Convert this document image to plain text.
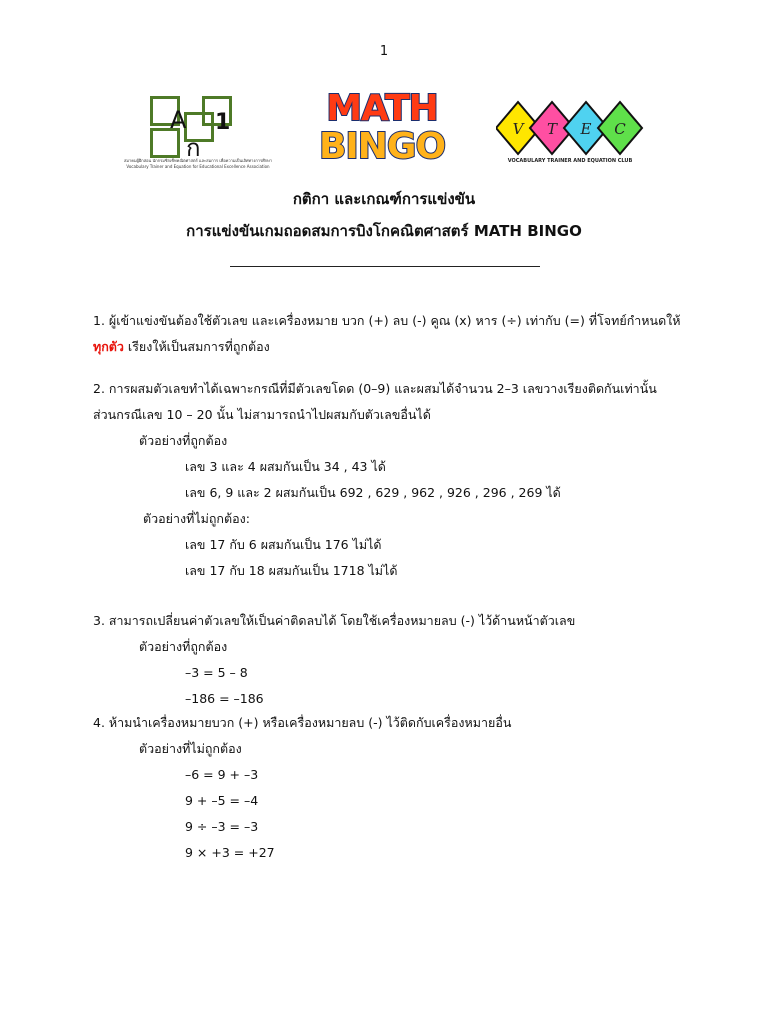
1
A
ก
1
สมาคมผู้ฝึกสอน นักกรมซิกเซ็ทคณิตศาสตร์ และสมการ เพื่อความเป็นเลิศทางการศึกษา
Vocabulary Trainer and Equation for Educational Excellence Association
MATH
BINGO	V T E C
VOCABULARY TRAINER AND EQUATION CLUB
กติกา และเกณฑ์การแข่งขัน
การแข่งขันเกมถอดสมการบิงโกคณิตศาสตร์ MATH BINGO
1. ผู้เข้าแข่งขันต้องใช้ตัวเลข และเครื่องหมาย บวก (+) ลบ (-) คูณ (x) หาร (÷) เท่ากับ (=) ที่โจทย์กำหนดให้
ทุกตัว เรียงให้เป็นสมการที่ถูกต้อง
2. การผสมตัวเลขทำได้เฉพาะกรณีที่มีตัวเลขโดด (0–9) และผสมได้จำนวน 2–3 เลขวางเรียงติดกันเท่านั้น
ส่วนกรณีเลข 10 – 20 นั้น ไม่สามารถนำไปผสมกับตัวเลขอื่นได้
ตัวอย่างที่ถูกต้อง
เลข 3 และ 4 ผสมกันเป็น 34 , 43 ได้
เลข 6, 9 และ 2 ผสมกันเป็น 692 , 629 , 962 , 926 , 296 , 269 ได้
ตัวอย่างที่ไม่ถูกต้อง:
เลข 17 กับ 6 ผสมกันเป็น 176 ไม่ได้
เลข 17 กับ 18 ผสมกันเป็น 1718 ไม่ได้
3. สามารถเปลี่ยนค่าตัวเลขให้เป็นค่าติดลบได้ โดยใช้เครื่องหมายลบ (-) ไว้ด้านหน้าตัวเลข
ตัวอย่างที่ถูกต้อง
–3 = 5 – 8
–186 = –186
4. ห้ามนำเครื่องหมายบวก (+) หรือเครื่องหมายลบ (-) ไว้ติดกับเครื่องหมายอื่น
ตัวอย่างที่ไม่ถูกต้อง
–6 = 9 + –3
9 + –5 = –4
9 ÷ –3 = –3
9 × +3 = +27
